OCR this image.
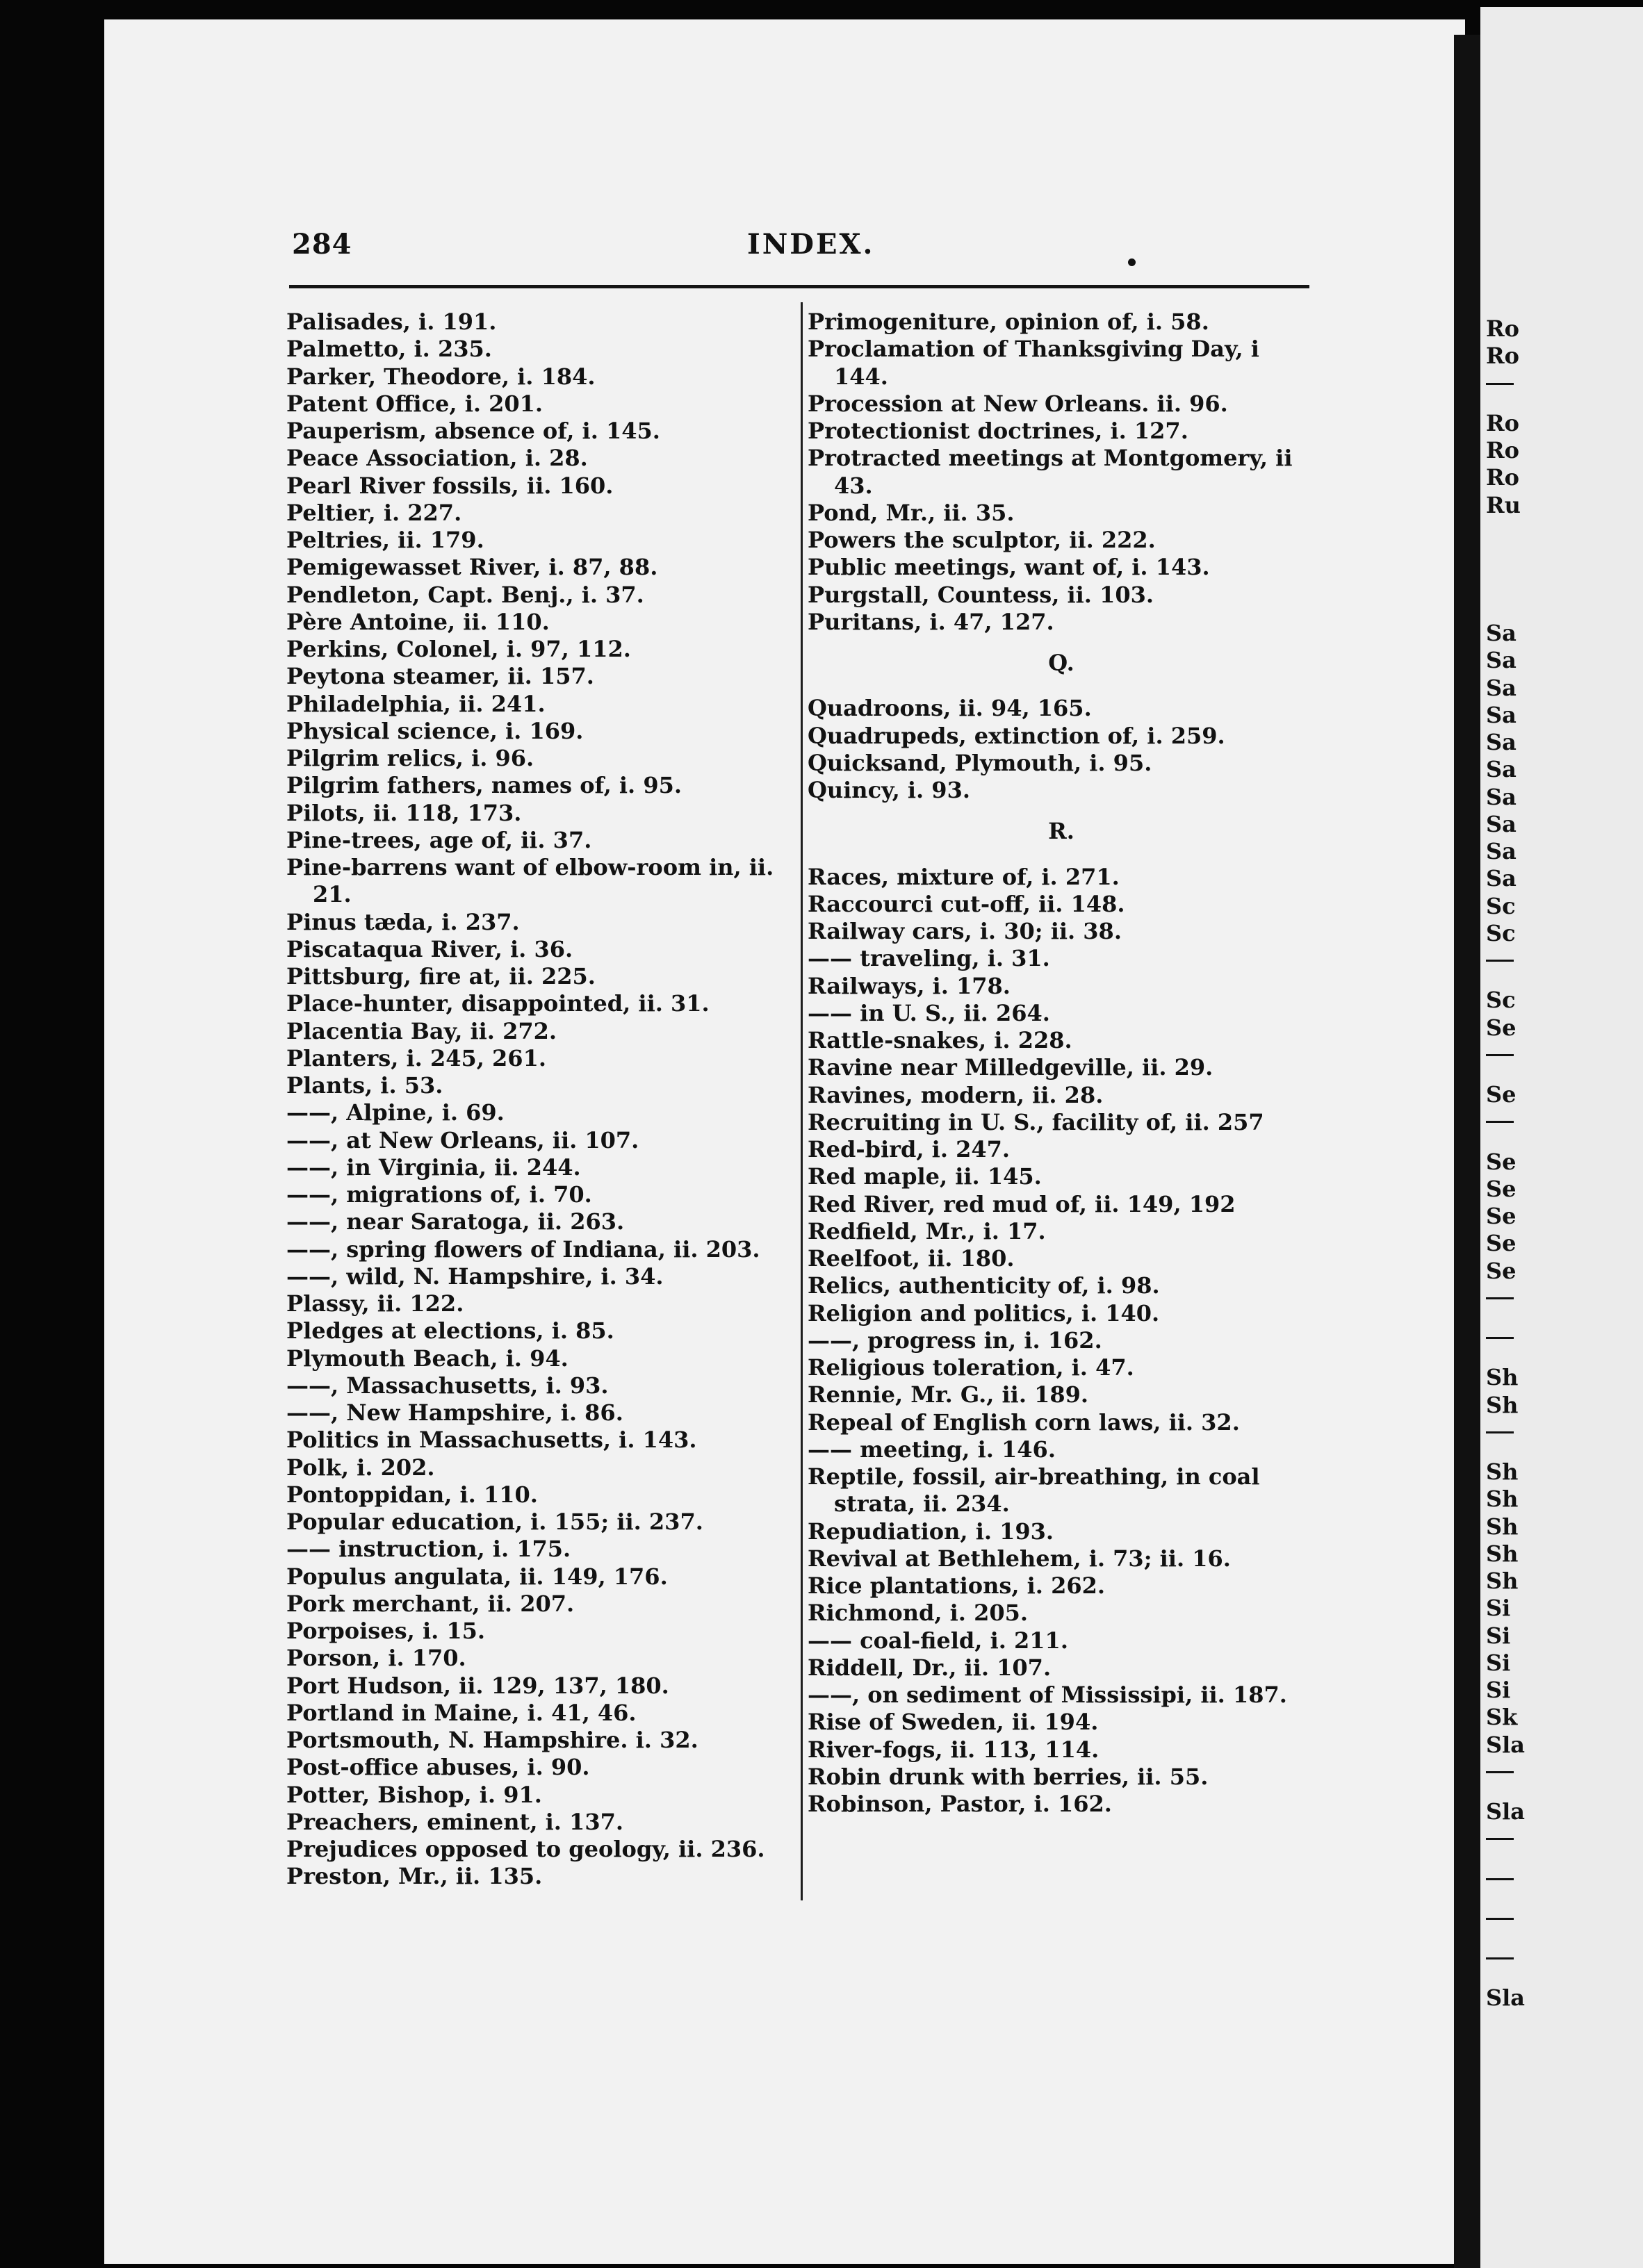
284	INDEX.
Palisades, i. 191.
Palmetto, i. 235.
Parker, Theodore, i. 184.
Patent Office, i. 201.
Pauperism, absence of, i. 145.
Peace Association, i. 28.
Pearl River fossils, ii. 160.
Peltier, i. 227.
Peltries, ii. 179.
Pemigewasset River, i. 87, 88.
Pendleton, Capt. Benj., i. 37.
Père Antoine, ii. 110.
Perkins, Colonel, i. 97, 112.
Peytona steamer, ii. 157.
Philadelphia, ii. 241.
Physical science, i. 169.
Pilgrim relics, i. 96.
Pilgrim fathers, names of, i. 95.
Pilots, ii. 118, 173.
Pine-trees, age of, ii. 37.
Pine-barrens want of elbow-room in, ii. 21.
Pinus tæda, i. 237.
Piscataqua River, i. 36.
Pittsburg, fire at, ii. 225.
Place-hunter, disappointed, ii. 31.
Placentia Bay, ii. 272.
Planters, i. 245, 261.
Plants, i. 53.
——, Alpine, i. 69.
——, at New Orleans, ii. 107.
——, in Virginia, ii. 244.
——, migrations of, i. 70.
——, near Saratoga, ii. 263.
——, spring flowers of Indiana, ii. 203.
——, wild, N. Hampshire, i. 34.
Plassy, ii. 122.
Pledges at elections, i. 85.
Plymouth Beach, i. 94.
——, Massachusetts, i. 93.
——, New Hampshire, i. 86.
Politics in Massachusetts, i. 143.
Polk, i. 202.
Pontoppidan, i. 110.
Popular education, i. 155; ii. 237.
—— instruction, i. 175.
Populus angulata, ii. 149, 176.
Pork merchant, ii. 207.
Porpoises, i. 15.
Porson, i. 170.
Port Hudson, ii. 129, 137, 180.
Portland in Maine, i. 41, 46.
Portsmouth, N. Hampshire. i. 32.
Post-office abuses, i. 90.
Potter, Bishop, i. 91.
Preachers, eminent, i. 137.
Prejudices opposed to geology, ii. 236.
Preston, Mr., ii. 135.
Primogeniture, opinion of, i. 58.
Proclamation of Thanksgiving Day, i 144.
Procession at New Orleans. ii. 96.
Protectionist doctrines, i. 127.
Protracted meetings at Montgomery, ii 43.
Pond, Mr., ii. 35.
Powers the sculptor, ii. 222.
Public meetings, want of, i. 143.
Purgstall, Countess, ii. 103.
Puritans, i. 47, 127.
Q.
Quadroons, ii. 94, 165.
Quadrupeds, extinction of, i. 259.
Quicksand, Plymouth, i. 95.
Quincy, i. 93.
R.
Races, mixture of, i. 271.
Raccourci cut-off, ii. 148.
Railway cars, i. 30; ii. 38.
—— traveling, i. 31.
Railways, i. 178.
—— in U. S., ii. 264.
Rattle-snakes, i. 228.
Ravine near Milledgeville, ii. 29.
Ravines, modern, ii. 28.
Recruiting in U. S., facility of, ii. 257
Red-bird, i. 247.
Red maple, ii. 145.
Red River, red mud of, ii. 149, 192
Redfield, Mr., i. 17.
Reelfoot, ii. 180.
Relics, authenticity of, i. 98.
Religion and politics, i. 140.
——, progress in, i. 162.
Religious toleration, i. 47.
Rennie, Mr. G., ii. 189.
Repeal of English corn laws, ii. 32.
—— meeting, i. 146.
Reptile, fossil, air-breathing, in coal strata, ii. 234.
Repudiation, i. 193.
Revival at Bethlehem, i. 73; ii. 16.
Rice plantations, i. 262.
Richmond, i. 205.
—— coal-field, i. 211.
Riddell, Dr., ii. 107.
——, on sediment of Mississipi, ii. 187.
Rise of Sweden, ii. 194.
River-fogs, ii. 113, 114.
Robin drunk with berries, ii. 55.
Robinson, Pastor, i. 162.
Ro
Ro
Ro
Ro
Ro
Ru
Sa
Sa
Sa
Sa
Sa
Sa
Sa
Sa
Sa
Sa
Sc
Sc
Sc
Se
Se
Se
Se
Se
Se
Se
Sh
Sh
Sh
Sh
Sh
Sh
Sh
Si
Si
Si
Si
Sk
Sla
Sla
Sla
